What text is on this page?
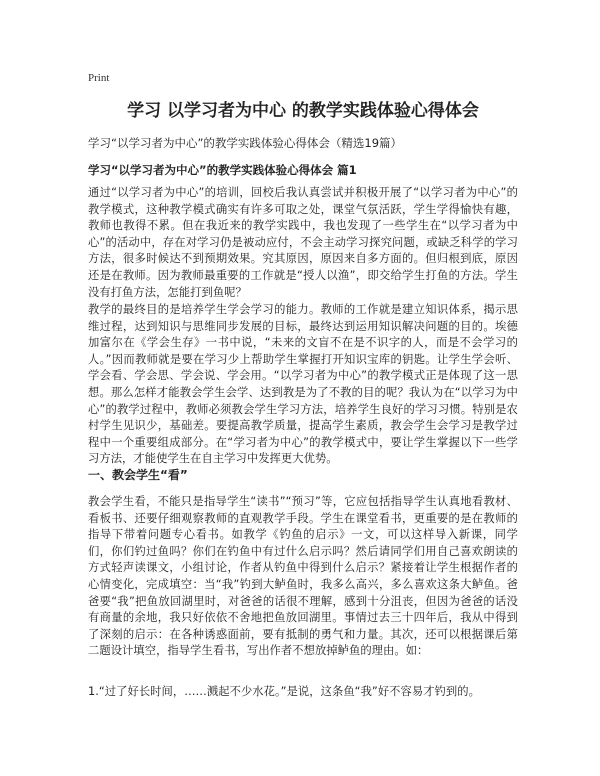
Print
学习 以学习者为中心 的教学实践体验心得体会
学习“以学习者为中心”的教学实践体验心得体会（精选19篇）
学习“以学习者为中心”的教学实践体验心得体会 篇1

通过“以学习者为中心”的培训，回校后我认真尝试并积极开展了“以学习者为中心”的教学模式，这种教学模式确实有许多可取之处，课堂气氛活跃，学生学得愉快有趣，教师也教得不累。但在我近来的教学实践中，我也发现了一些学生在“以学习者为中心”的活动中，存在对学习仍是被动应付，不会主动学习探究问题，或缺乏科学的学习方法，很多时候达不到预期效果。究其原因，原因来自多方面的。但归根到底，原因还是在教师。因为教师最重要的工作就是“授人以渔”，即交给学生打鱼的方法。学生没有打鱼方法，怎能打到鱼呢？

教学的最终目的是培养学生学会学习的能力。教师的工作就是建立知识体系，揭示思维过程，达到知识与思维同步发展的目标，最终达到运用知识解决问题的目的。埃德加富尔在《学会生存》一书中说，“未来的文盲不在是不识字的人，而是不会学习的人。”因而教师就是要在学习少上帮助学生掌握打开知识宝库的钥匙。让学生学会听、学会看、学会思、学会说、学会用。“以学习者为中心”的教学模式正是体现了这一思想。那么怎样才能教会学生会学、达到教是为了不教的目的呢？我认为在“以学习为中心”的教学过程中，教师必须教会学生学习方法，培养学生良好的学习习惯。特别是农村学生见识少，基础差。要提高教学质量，提高学生素质，教会学生会学习是教学过程中一个重要组成部分。在“学习者为中心”的教学模式中，要让学生掌握以下一些学习方法，才能使学生在自主学习中发挥更大优势。

一、教会学生“看”

教会学生看，不能只是指导学生“读书”“预习”等，它应包括指导学生认真地看教材、看板书、还要仔细观察教师的直观教学手段。学生在课堂看书，更重要的是在教师的指导下带着问题专心看书。如教学《钓鱼的启示》一文，可以这样导入新课，同学们，你们钓过鱼吗？你们在钓鱼中有过什么启示吗？然后请同学们用自己喜欢朗读的方式轻声读课文，小组讨论，作者从钓鱼中得到什么启示？紧接着让学生根据作者的心情变化，完成填空：当“我”钓到大鲈鱼时，我多么高兴，多么喜欢这条大鲈鱼。爸爸要“我”把鱼放回湖里时，对爸爸的话很不理解，感到十分沮丧，但因为爸爸的话没有商量的余地，我只好依依不舍地把鱼放回湖里。事情过去三十四年后，我从中得到了深刻的启示：在各种诱惑面前，要有抵制的勇气和力量。其次，还可以根据课后第二题设计填空，指导学生看书，写出作者不想放掉鲈鱼的理由。如：

1.“过了好长时间，……溅起不少水花。”是说，这条鱼“我”好不容易才钓到的。
